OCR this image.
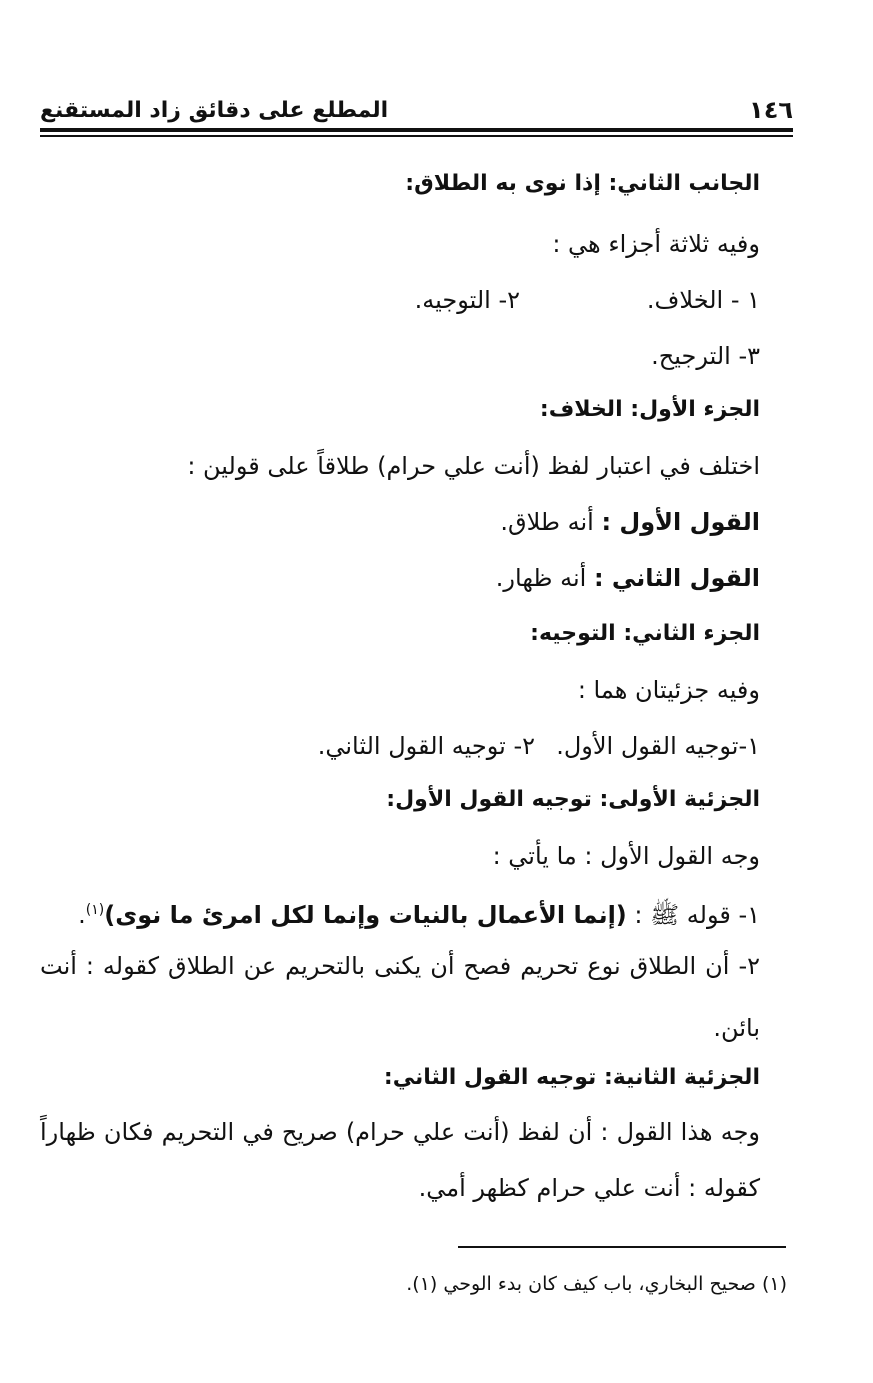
١٤٦
المطلع على دقائق زاد المستقنع
الجانب الثاني: إذا نوى به الطلاق:
وفيه ثلاثة أجزاء هي :
١ - الخلاف.
٢- التوجيه.
٣- الترجيح.
الجزء الأول: الخلاف:
اختلف في اعتبار لفظ (أنت علي حرام) طلاقاً على قولين :
القول الأول : أنه طلاق.
القول الثاني : أنه ظهار.
الجزء الثاني: التوجيه:
وفيه جزئيتان هما :
١-توجيه القول الأول.
٢- توجيه القول الثاني.
الجزئية الأولى: توجيه القول الأول:
وجه القول الأول : ما يأتي :
١- قوله ﷺ : (إنما الأعمال بالنيات وإنما لكل امرئ ما نوى)$^{(١)}$.
٢- أن الطلاق نوع تحريم فصح أن يكنى بالتحريم عن الطلاق كقوله : أنت
بائن.
الجزئية الثانية: توجيه القول الثاني:
وجه هذا القول : أن لفظ (أنت علي حرام) صريح في التحريم فكان ظهاراً
كقوله : أنت علي حرام كظهر أمي.
(١) صحيح البخاري، باب كيف كان بدء الوحي (١).
